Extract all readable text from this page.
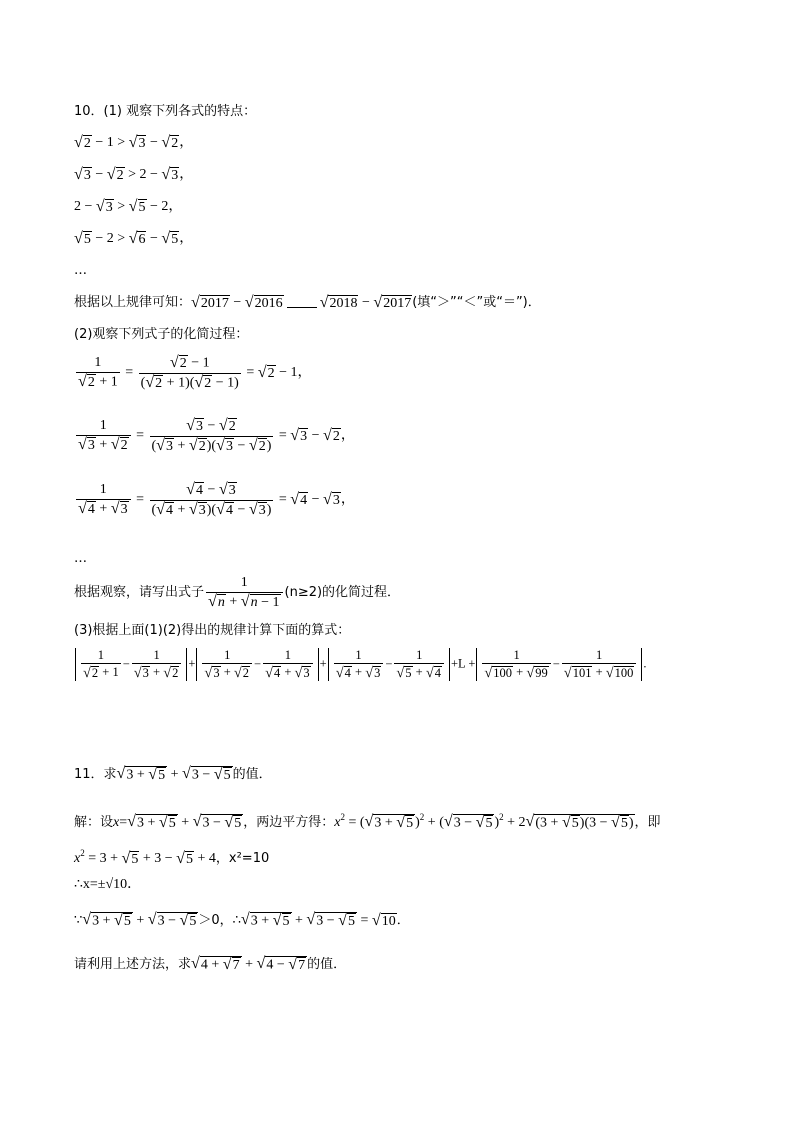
10．(1) 观察下列各式的特点：
√ 2 − 1 > √ 3 − √ 2 ，
√ 3 − √ 2 > 2 − √ 3 ，
2 − √ 3 > √ 5 − 2，
√ 5 − 2 > √ 6 − √ 5 ，
…
根据以上规律可知： √ 2017 − √ 2016 √ 2018 − √ 2017 (填“＞”“＜”或“＝”)．
(2)观察下列式子的化简过程：
$\frac{1}{√ 2 + 1} = \frac{√ 2 - 1}{( √ 2 + 1)( √ 2 - 1)}$ = √ 2 − 1，
$\frac{1}{√ 3 + √ 2} = \frac{√ 3 - √ 2}{( √ 3 + √ 2 )( √ 3 - √ 2 )}$ = √ 3 − √ 2 ，
$\frac{1}{√ 4 + √ 3} = \frac{√ 4 - √ 3}{( √ 4 + √ 3 )( √ 4 - √ 3 )}$ = √ 4 − √ 3 ，
…
根据观察，请写出式子 $\frac{1}{√ n + √ n - 1} (n\ge 2)$的化简过程．
(3)根据上面(1)(2)得出的规律计算下面的算式：
1
√ 2 + 1
−
1
√ 3 + √ 2
+
1
√ 3 + √ 2
−
1
√ 4 + √ 3
+
1
√ 4 + √ 3
−
1
√ 5 + √ 4
+L +
1
√ 100 + √ 99
−
1
√ 101 + √ 100
.
11．求 √ 3 + √ 5 + √ 3 − √ 5 的值．
解：设x= √ 3 + √ 5 + √ 3 − √ 5 ，两边平方得：$x^2$ = ( √ 3 + √ 5 )$^2$ + ( √ 3 − √ 5 )$^2$ + 2 √ (3 + √ 5 )(3 − √ 5 ) ，即
$x^2 = 3$ + √ 5 + 3 − √ 5 + 4，x²=10
∴x=±√10．
∵ √ 3 + √ 5 + √ 3 − √ 5 ＞0，∴ √ 3 + √ 5 + √ 3 − √ 5 = √ 10 ．
请利用上述方法，求 √ 4 + √ 7 + √ 4 − √ 7 的值．
